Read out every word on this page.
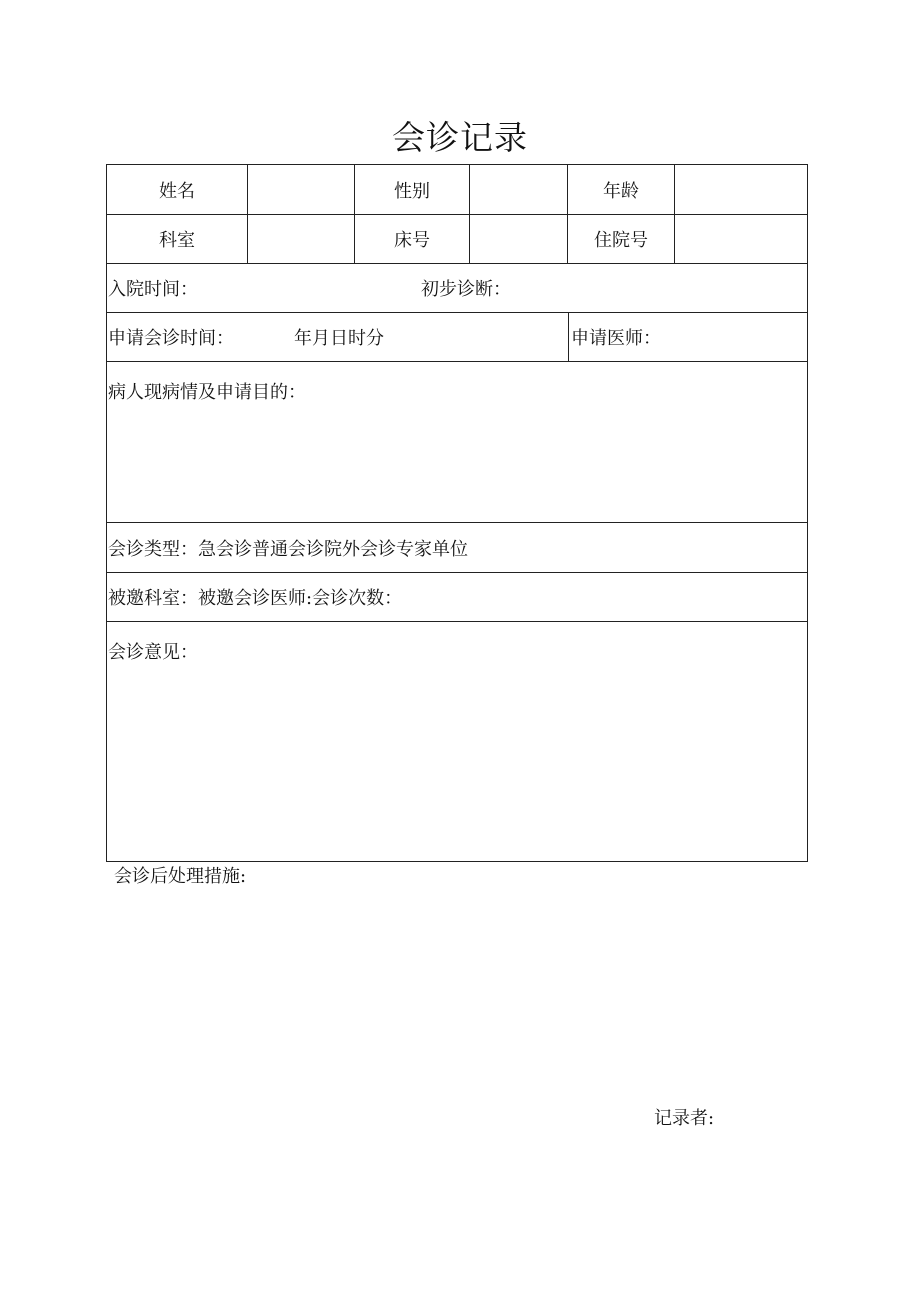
会诊记录
姓名	性别	年龄
科室	床号	住院号
入院时间：	初步诊断：
申请会诊时间：	年月日时分	申请医师：
病人现病情及申请目的：
会诊类型：急会诊普通会诊院外会诊专家单位
被邀科室：被邀会诊医师:会诊次数：
会诊意见：
会诊后处理措施:
记录者:
